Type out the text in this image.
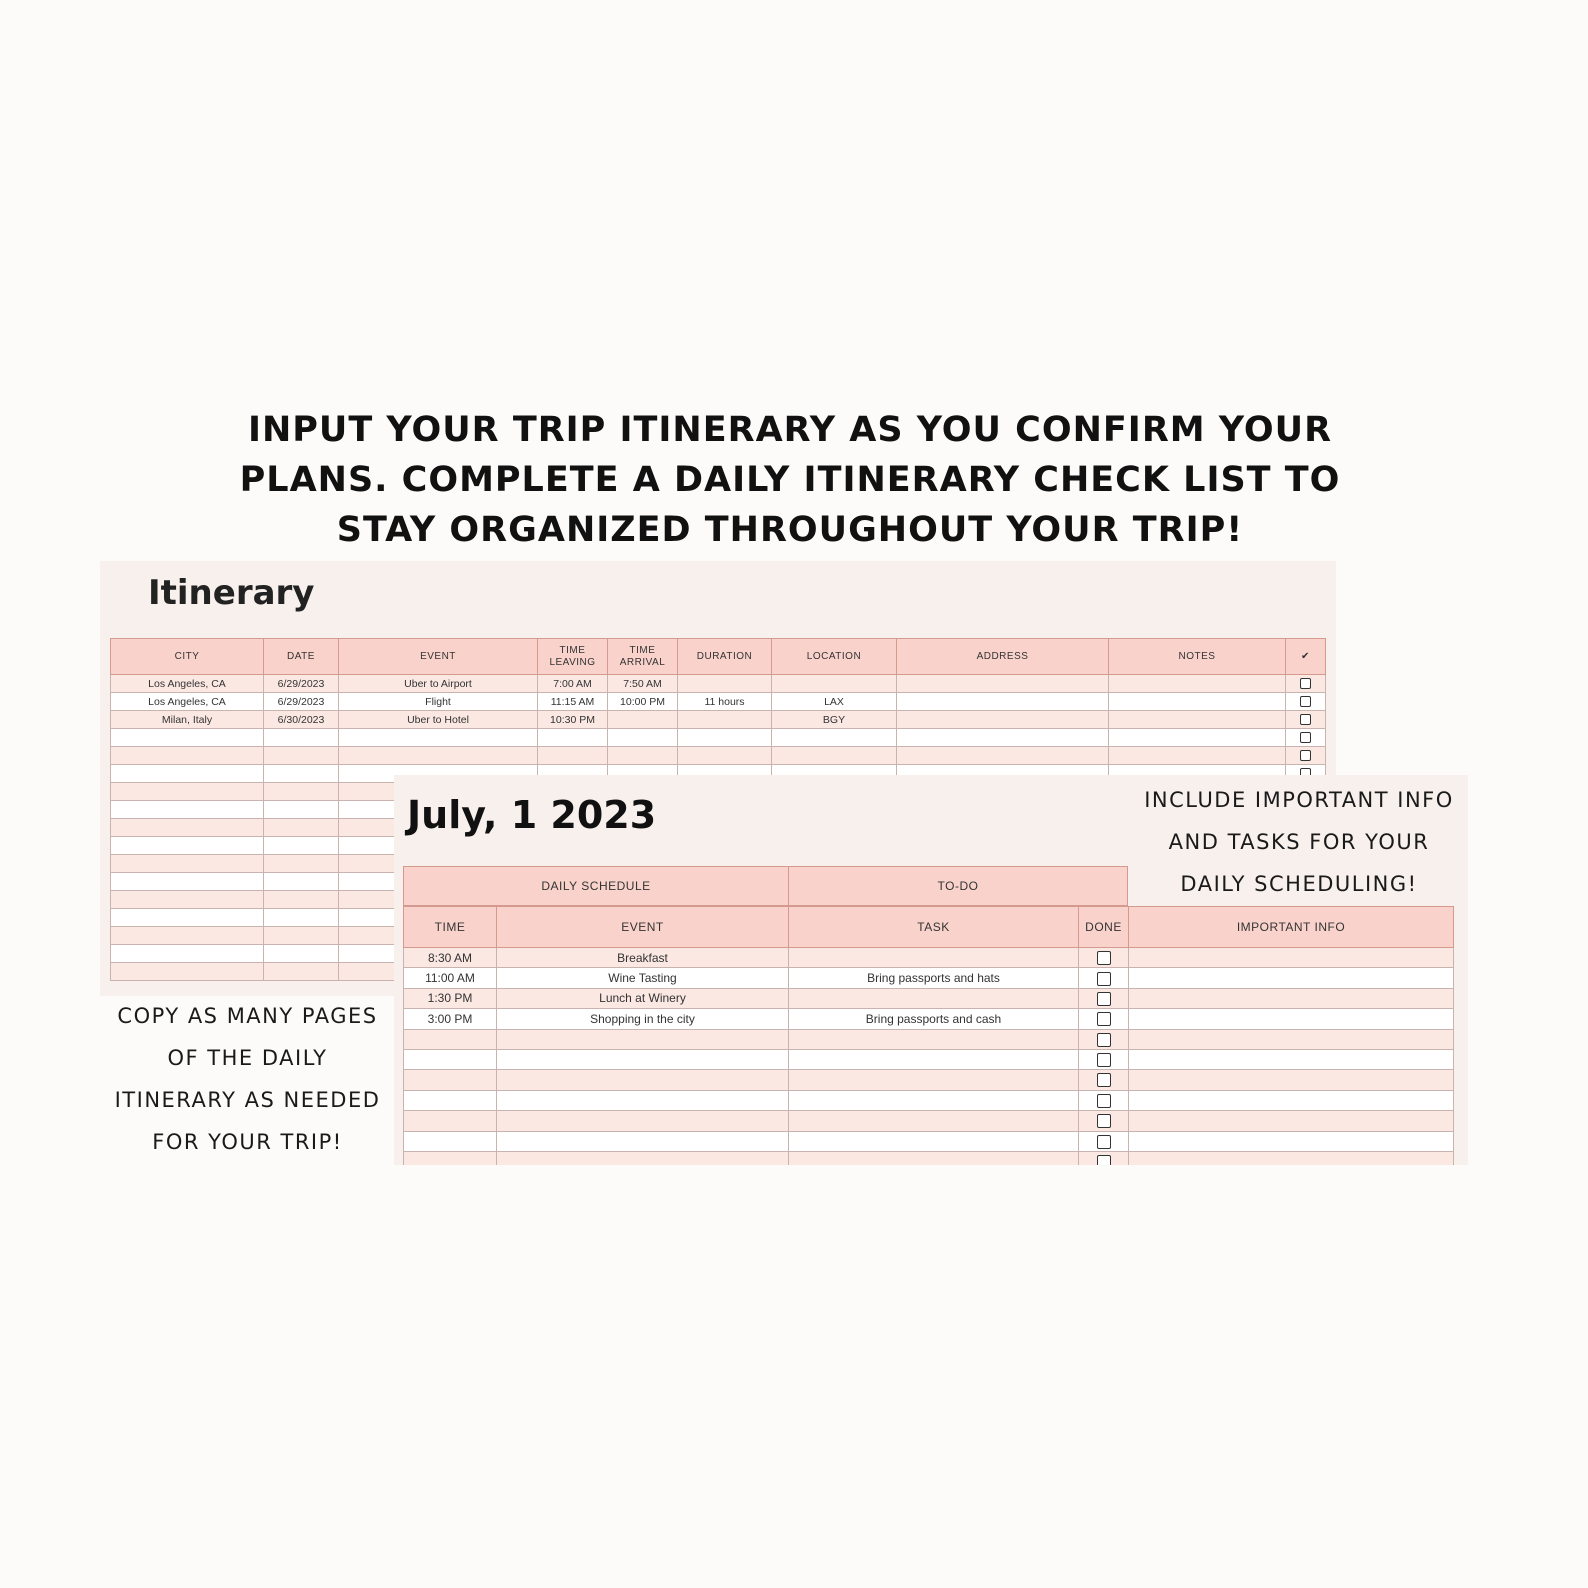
INPUT YOUR TRIP ITINERARY AS YOU CONFIRM YOUR
PLANS. COMPLETE A DAILY ITINERARY CHECK LIST TO
STAY ORGANIZED THROUGHOUT YOUR TRIP!
Itinerary
CITY	DATE	EVENT	TIME LEAVING	TIME ARRIVAL	DURATION	LOCATION	ADDRESS	NOTES	✔
Los Angeles, CA	6/29/2023	Uber to Airport	7:00 AM	7:50 AM					
Los Angeles, CA	6/29/2023	Flight	11:15 AM	10:00 PM	11 hours	LAX			
Milan, Italy	6/30/2023	Uber to Hotel	10:30 PM			BGY			

COPY AS MANY PAGES
OF THE DAILY
ITINERARY AS NEEDED
FOR YOUR TRIP!
July, 1 2023	INCLUDE IMPORTANT INFO
AND TASKS FOR YOUR
DAILY SCHEDULING!
DAILY SCHEDULE	TO-DO
TIME	EVENT	TASK	DONE	IMPORTANT INFO
8:30 AM	Breakfast			
11:00 AM	Wine Tasting	Bring passports and hats		
1:30 PM	Lunch at Winery			
3:00 PM	Shopping in the city	Bring passports and cash		
